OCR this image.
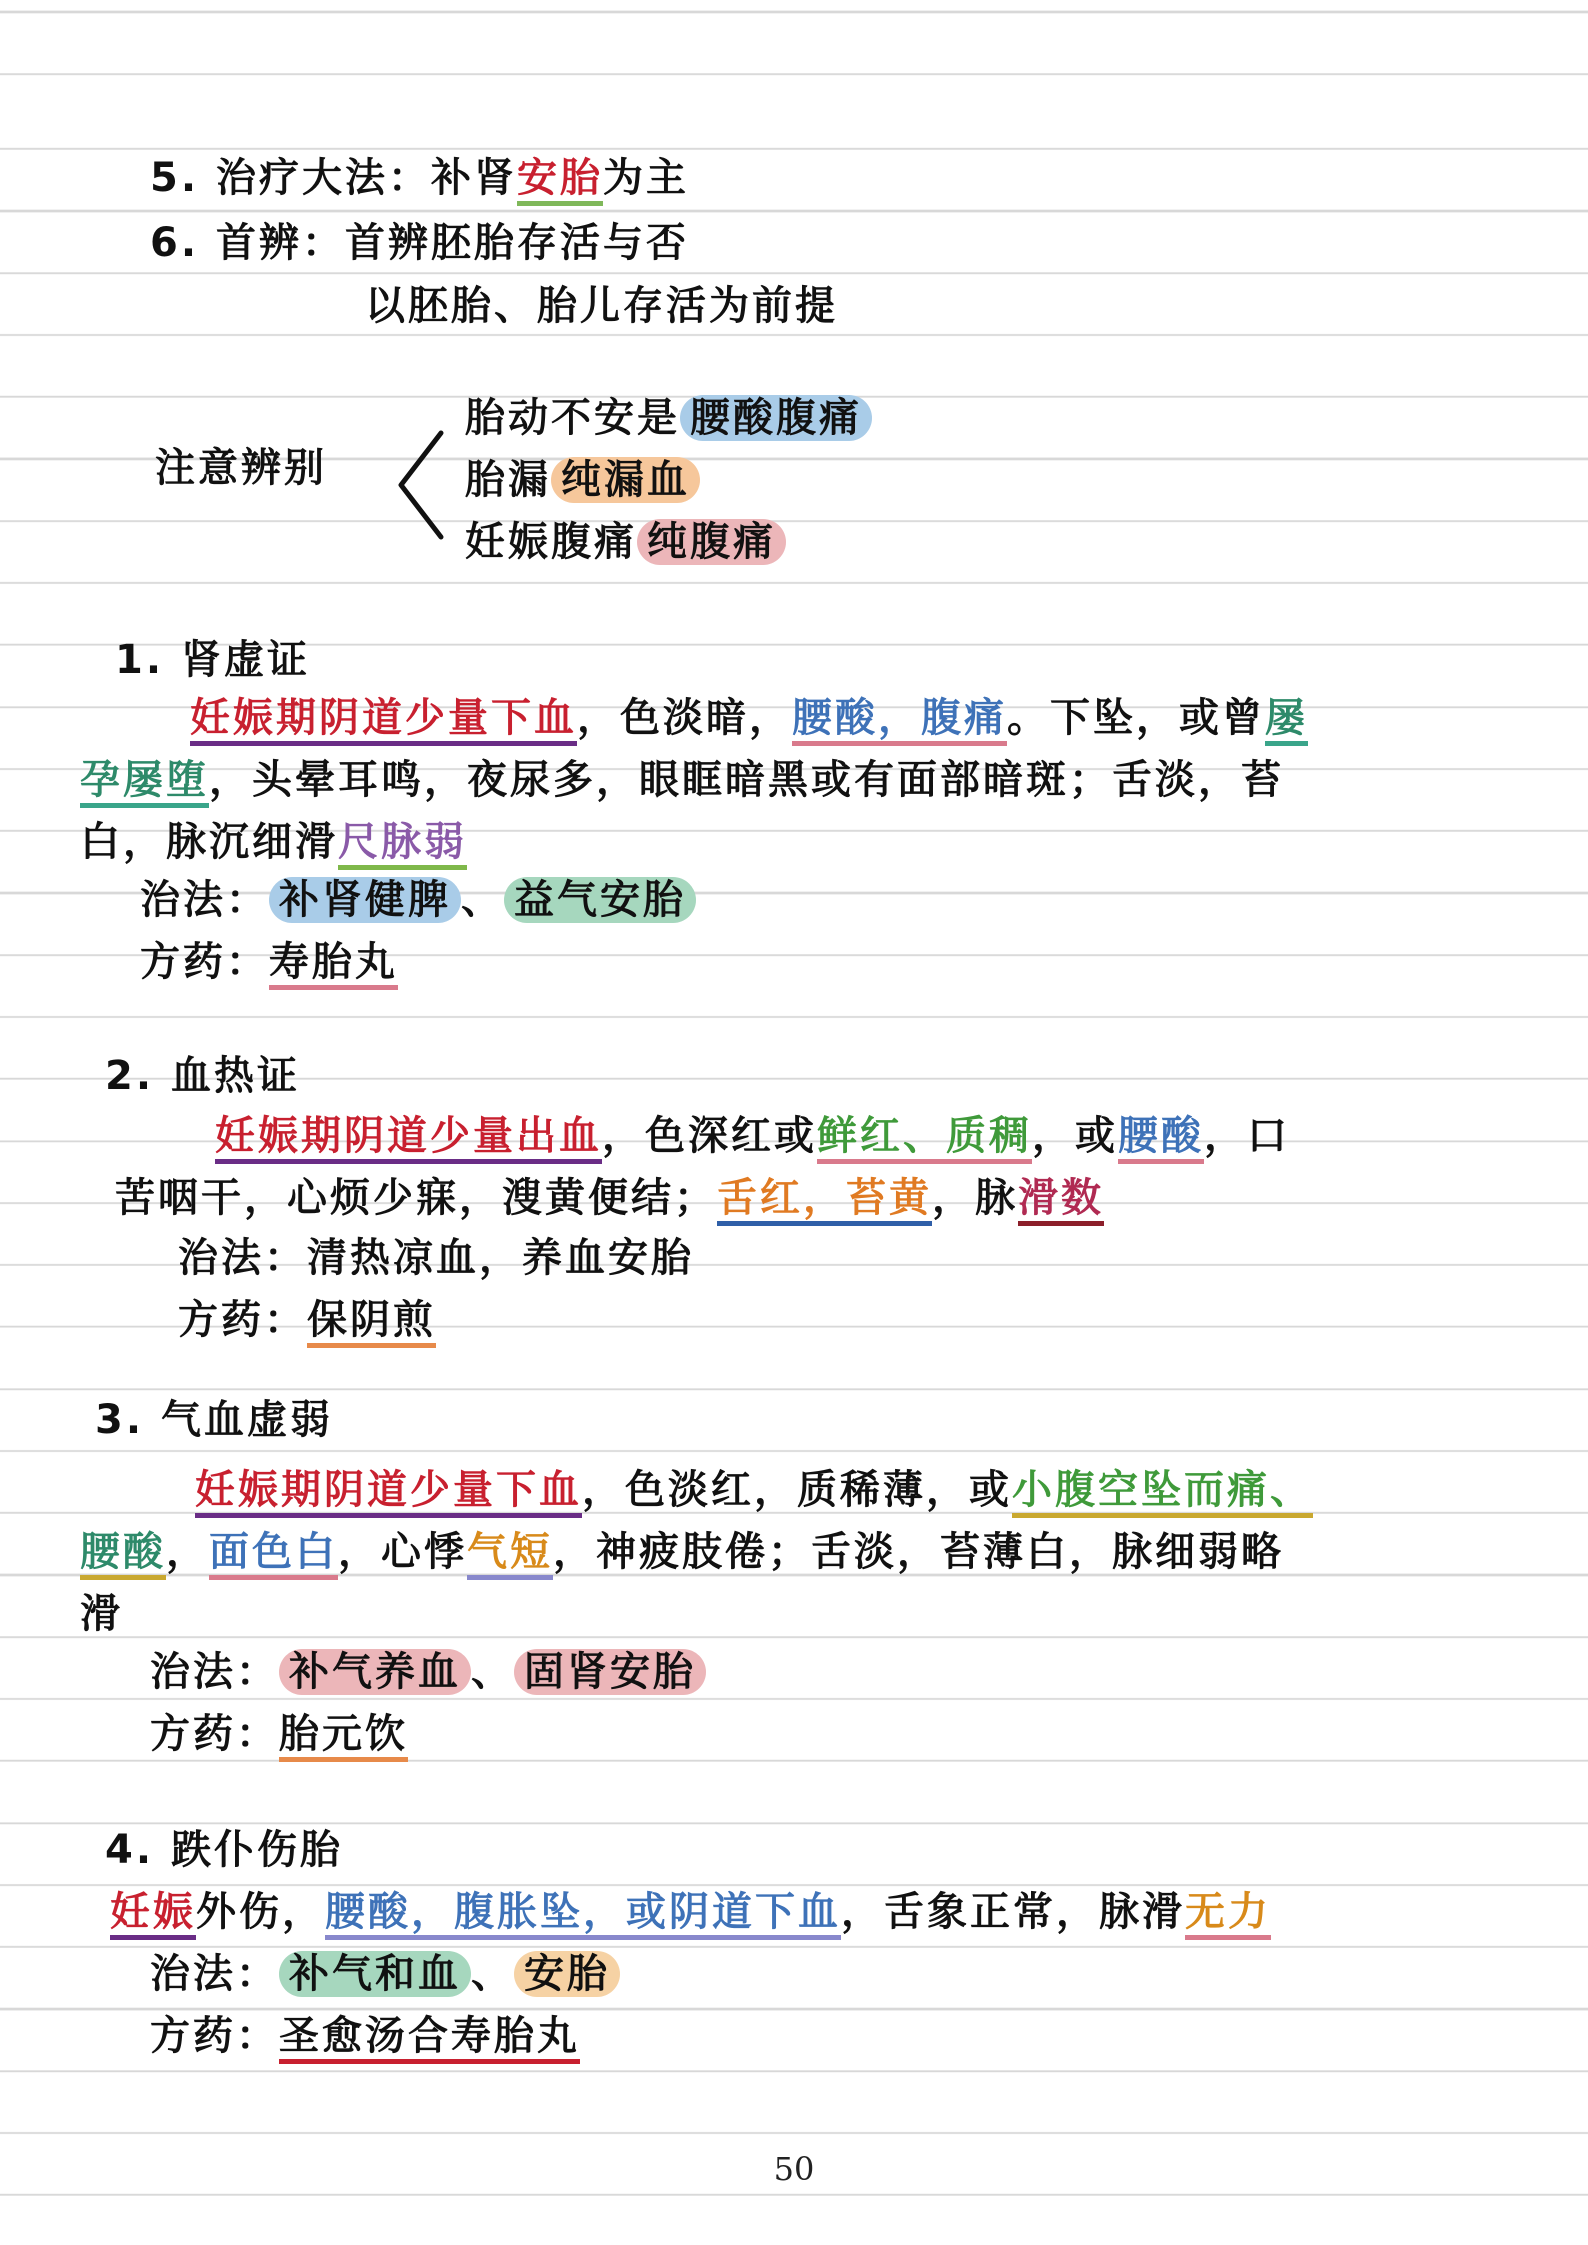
5. 治疗大法：补肾安胎为主
6. 首辨：首辨胚胎存活与否
以胚胎、胎儿存活为前提
注意辨别
胎动不安是 腰酸腹痛
胎漏 纯漏血
妊娠腹痛 纯腹痛
1. 肾虚证
妊娠期阴道少量下血，色淡暗，腰酸，腹痛。下坠，或曾屡
孕屡堕，头晕耳鸣，夜尿多，眼眶暗黑或有面部暗斑；舌淡，苔
白，脉沉细滑尺脉弱
治法： 补肾健脾 、 益气安胎
方药：寿胎丸
2. 血热证
妊娠期阴道少量出血，色深红或鲜红、质稠，或腰酸，口
苦咽干，心烦少寐，溲黄便结；舌红，苔黄，脉滑数
治法：清热凉血，养血安胎
方药：保阴煎
3. 气血虚弱
妊娠期阴道少量下血，色淡红，质稀薄，或小腹空坠而痛、
腰酸，面色白，心悸气短，神疲肢倦；舌淡，苔薄白，脉细弱略
滑
治法： 补气养血 、 固肾安胎
方药：胎元饮
4. 跌仆伤胎
妊娠外伤，腰酸，腹胀坠，或阴道下血，舌象正常，脉滑无力
治法： 补气和血 、 安胎
方药：圣愈汤合寿胎丸
50
